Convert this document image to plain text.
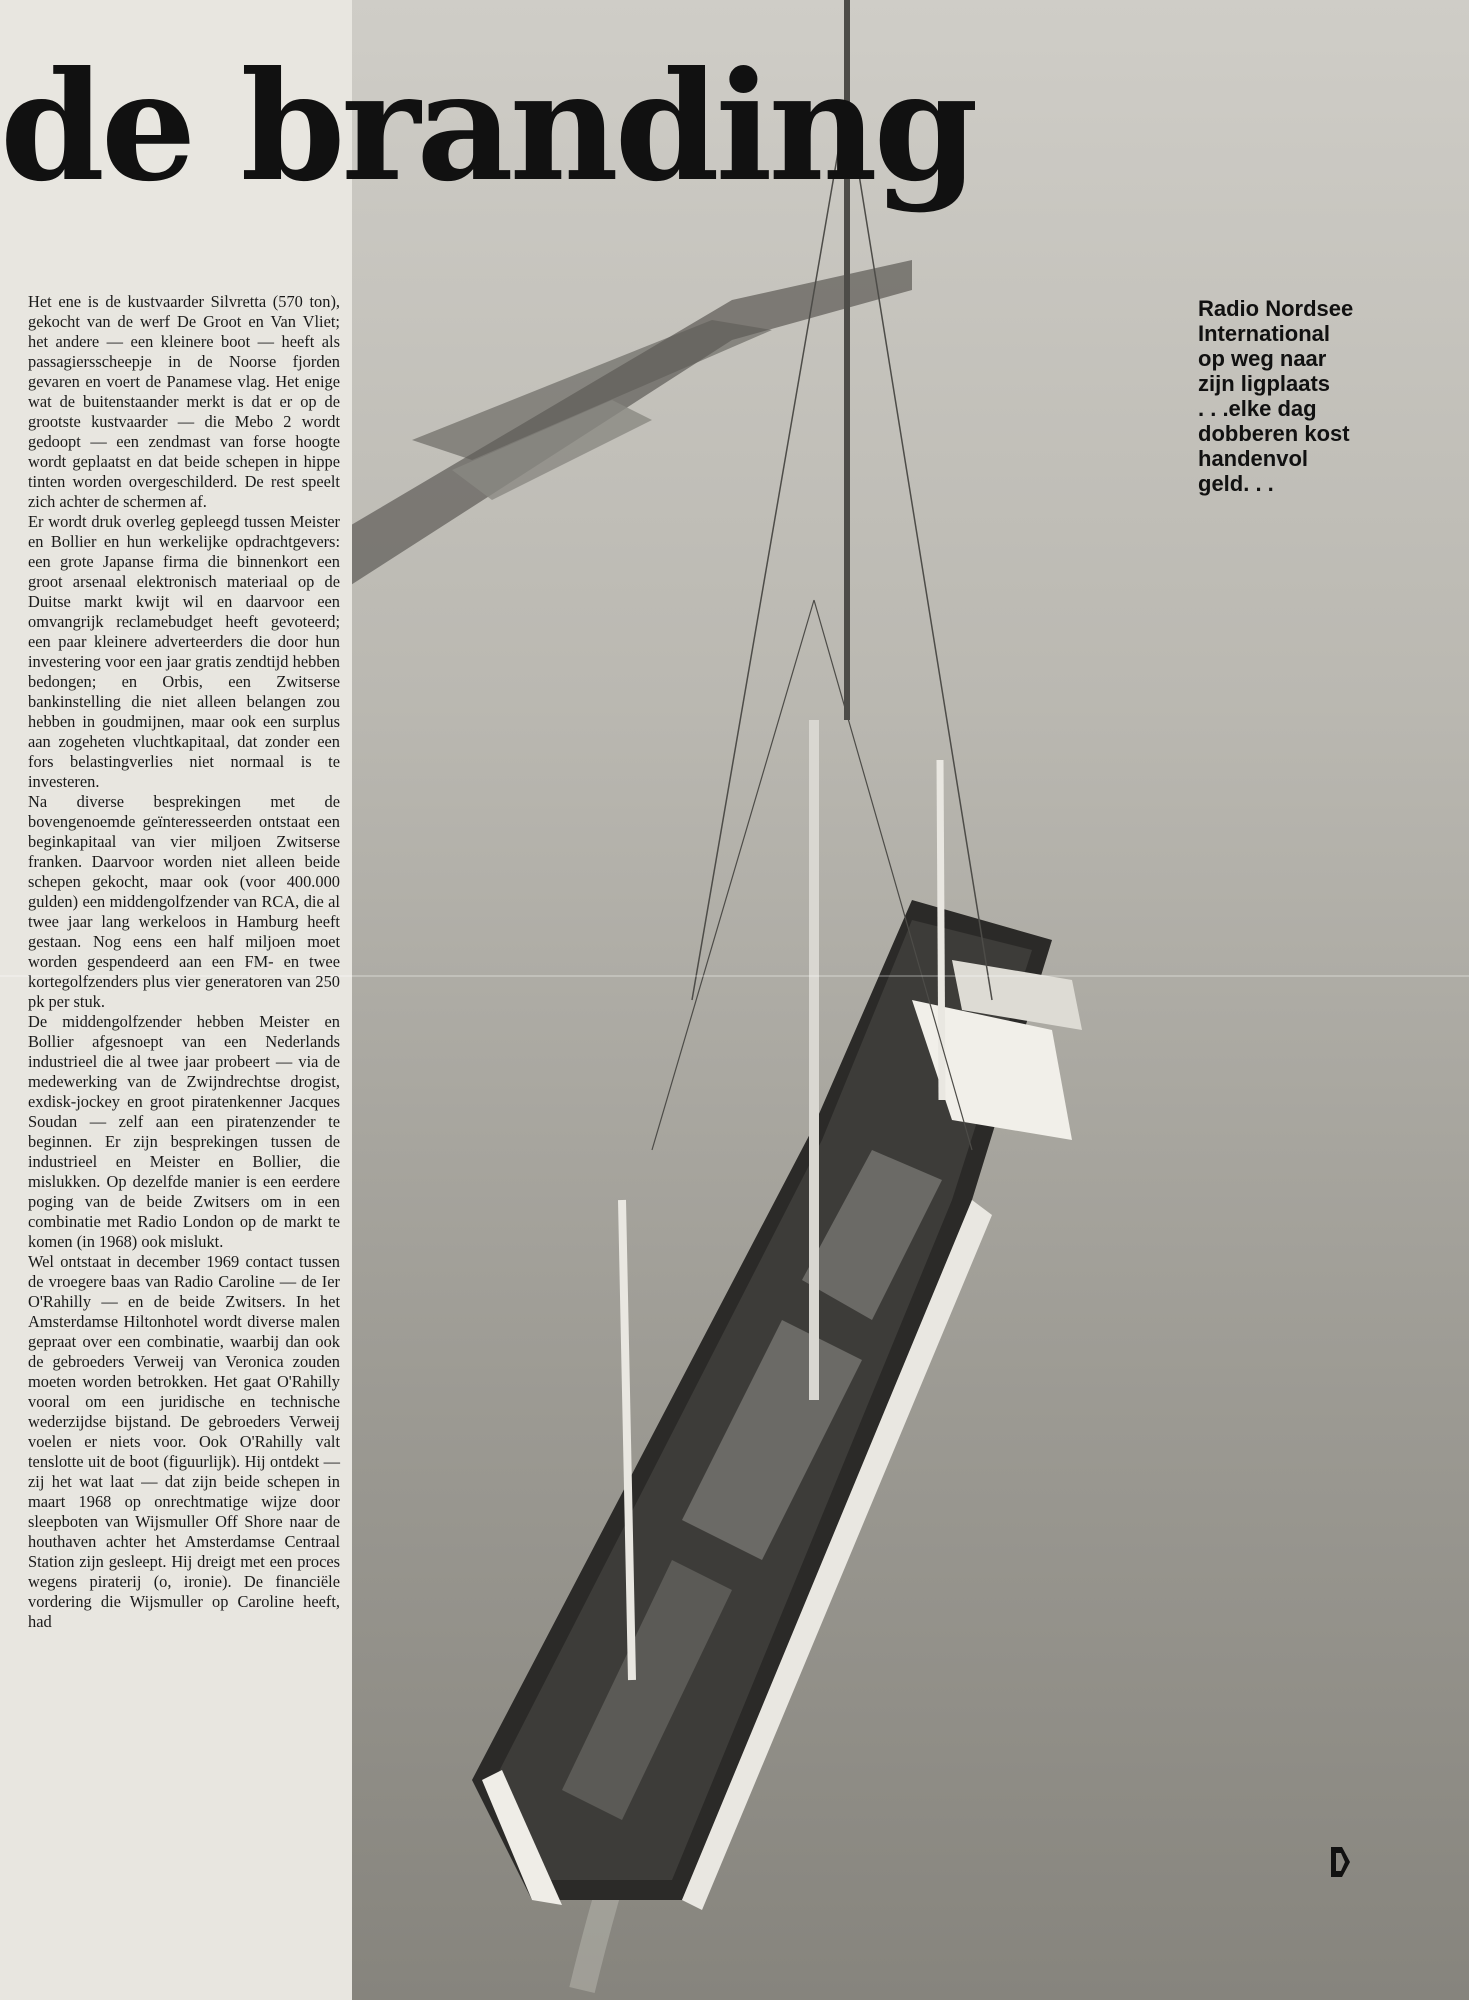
de branding
Radio Nordsee
International
op weg naar
zijn ligplaats
. . .elke dag
dobberen kost
handenvol
geld. . .

Het ene is de kustvaarder Silvretta (570 ton), gekocht van de werf De Groot en Van Vliet; het andere — een kleinere boot — heeft als passagiersscheepje in de Noorse fjorden gevaren en voert de Panamese vlag. Het enige wat de buitenstaander merkt is dat er op de grootste kustvaarder — die Mebo 2 wordt gedoopt — een zendmast van forse hoogte wordt geplaatst en dat beide schepen in hippe tinten worden overgeschilderd. De rest speelt zich achter de schermen af.

Er wordt druk overleg gepleegd tussen Meister en Bollier en hun werkelijke opdrachtgevers: een grote Japanse firma die binnenkort een groot arsenaal elektronisch materiaal op de Duitse markt kwijt wil en daarvoor een omvangrijk reclamebudget heeft gevoteerd; een paar kleinere adverteerders die door hun investering voor een jaar gratis zendtijd hebben bedongen; en Orbis, een Zwitserse bankinstelling die niet alleen belangen zou hebben in goudmijnen, maar ook een surplus aan zogeheten vluchtkapitaal, dat zonder een fors belastingverlies niet normaal is te investeren.

Na diverse besprekingen met de bovengenoemde geïnteresseerden ontstaat een beginkapitaal van vier miljoen Zwitserse franken. Daarvoor worden niet alleen beide schepen gekocht, maar ook (voor 400.000 gulden) een middengolfzender van RCA, die al twee jaar lang werkeloos in Hamburg heeft gestaan. Nog eens een half miljoen moet worden gespendeerd aan een FM- en twee kortegolfzenders plus vier generatoren van 250 pk per stuk.

De middengolfzender hebben Meister en Bollier afgesnoept van een Nederlands industrieel die al twee jaar probeert — via de medewerking van de Zwijndrechtse drogist, exdisk-jockey en groot piratenkenner Jacques Soudan — zelf aan een piratenzender te beginnen. Er zijn besprekingen tussen de industrieel en Meister en Bollier, die mislukken. Op dezelfde manier is een eerdere poging van de beide Zwitsers om in een combinatie met Radio London op de markt te komen (in 1968) ook mislukt.

Wel ontstaat in december 1969 contact tussen de vroegere baas van Radio Caroline — de Ier O'Rahilly — en de beide Zwitsers. In het Amsterdamse Hiltonhotel wordt diverse malen gepraat over een combinatie, waarbij dan ook de gebroeders Verweij van Veronica zouden moeten worden betrokken. Het gaat O'Rahilly vooral om een juridische en technische wederzijdse bijstand. De gebroeders Verweij voelen er niets voor. Ook O'Rahilly valt tenslotte uit de boot (figuurlijk). Hij ontdekt — zij het wat laat — dat zijn beide schepen in maart 1968 op onrechtmatige wijze door sleepboten van Wijsmuller Off Shore naar de houthaven achter het Amsterdamse Centraal Station zijn gesleept. Hij dreigt met een proces wegens piraterij (o, ironie). De financiële vordering die Wijsmuller op Caroline heeft, had
